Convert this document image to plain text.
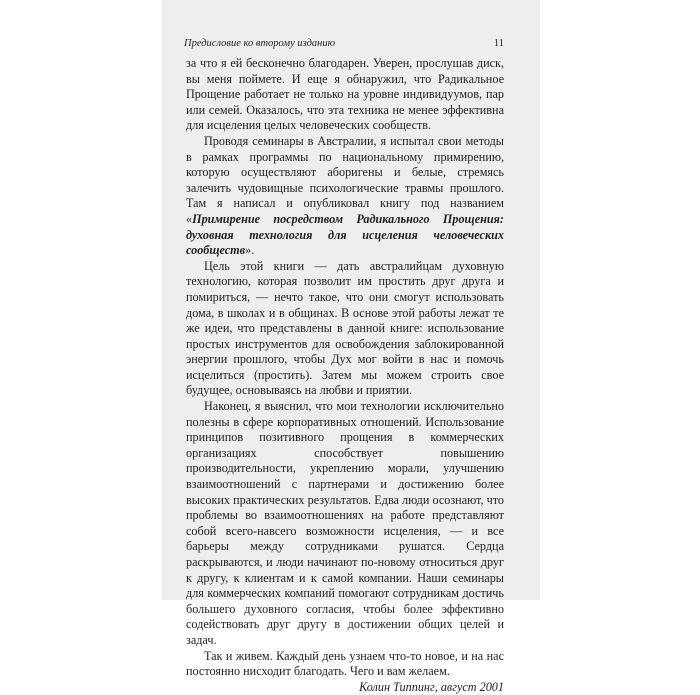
Предисловие ко второму изданию	11

за что я ей бесконечно благодарен. Уверен, прослушав диск, вы меня поймете. И еще я обнаружил, что Радикальное Прощение работает не только на уровне индивидуумов, пар или семей. Оказалось, что эта техника не менее эффективна для исцеления целых человеческих сообществ.

Проводя семинары в Австралии, я испытал свои методы в рамках программы по национальному примирению, которую осуществляют аборигены и белые, стремясь залечить чудовищные психологические травмы прошлого. Там я написал и опубликовал книгу под названием «Примирение посредством Радикального Прощения: духовная технология для исцеления человеческих сообществ».

Цель этой книги — дать австралийцам духовную технологию, которая позволит им простить друг друга и помириться, — нечто такое, что они смогут использовать дома, в школах и в общинах. В основе этой работы лежат те же идеи, что представлены в данной книге: использование простых инструментов для освобождения заблокированной энергии прошлого, чтобы Дух мог войти в нас и помочь исцелиться (простить). Затем мы можем строить свое будущее, основываясь на любви и приятии.

Наконец, я выяснил, что мои технологии исключительно полезны в сфере корпоративных отношений. Использование принципов позитивного прощения в коммерческих организациях способствует повышению производительности, укреплению морали, улучшению взаимоотношений с партнерами и достижению более высоких практических результатов. Едва люди осознают, что проблемы во взаимоотношениях на работе представляют собой всего-навсего возможности исцеления, — и все барьеры между сотрудниками рушатся. Сердца раскрываются, и люди начинают по-новому относиться друг к другу, к клиентам и к самой компании. Наши семинары для коммерческих компаний помогают сотрудникам достичь большего духовного согласия, чтобы более эффективно содействовать друг другу в достижении общих целей и задач.

Так и живем. Каждый день узнаем что-то новое, и на нас постоянно нисходит благодать. Чего и вам желаем.

Колин Типпинг, август 2001
